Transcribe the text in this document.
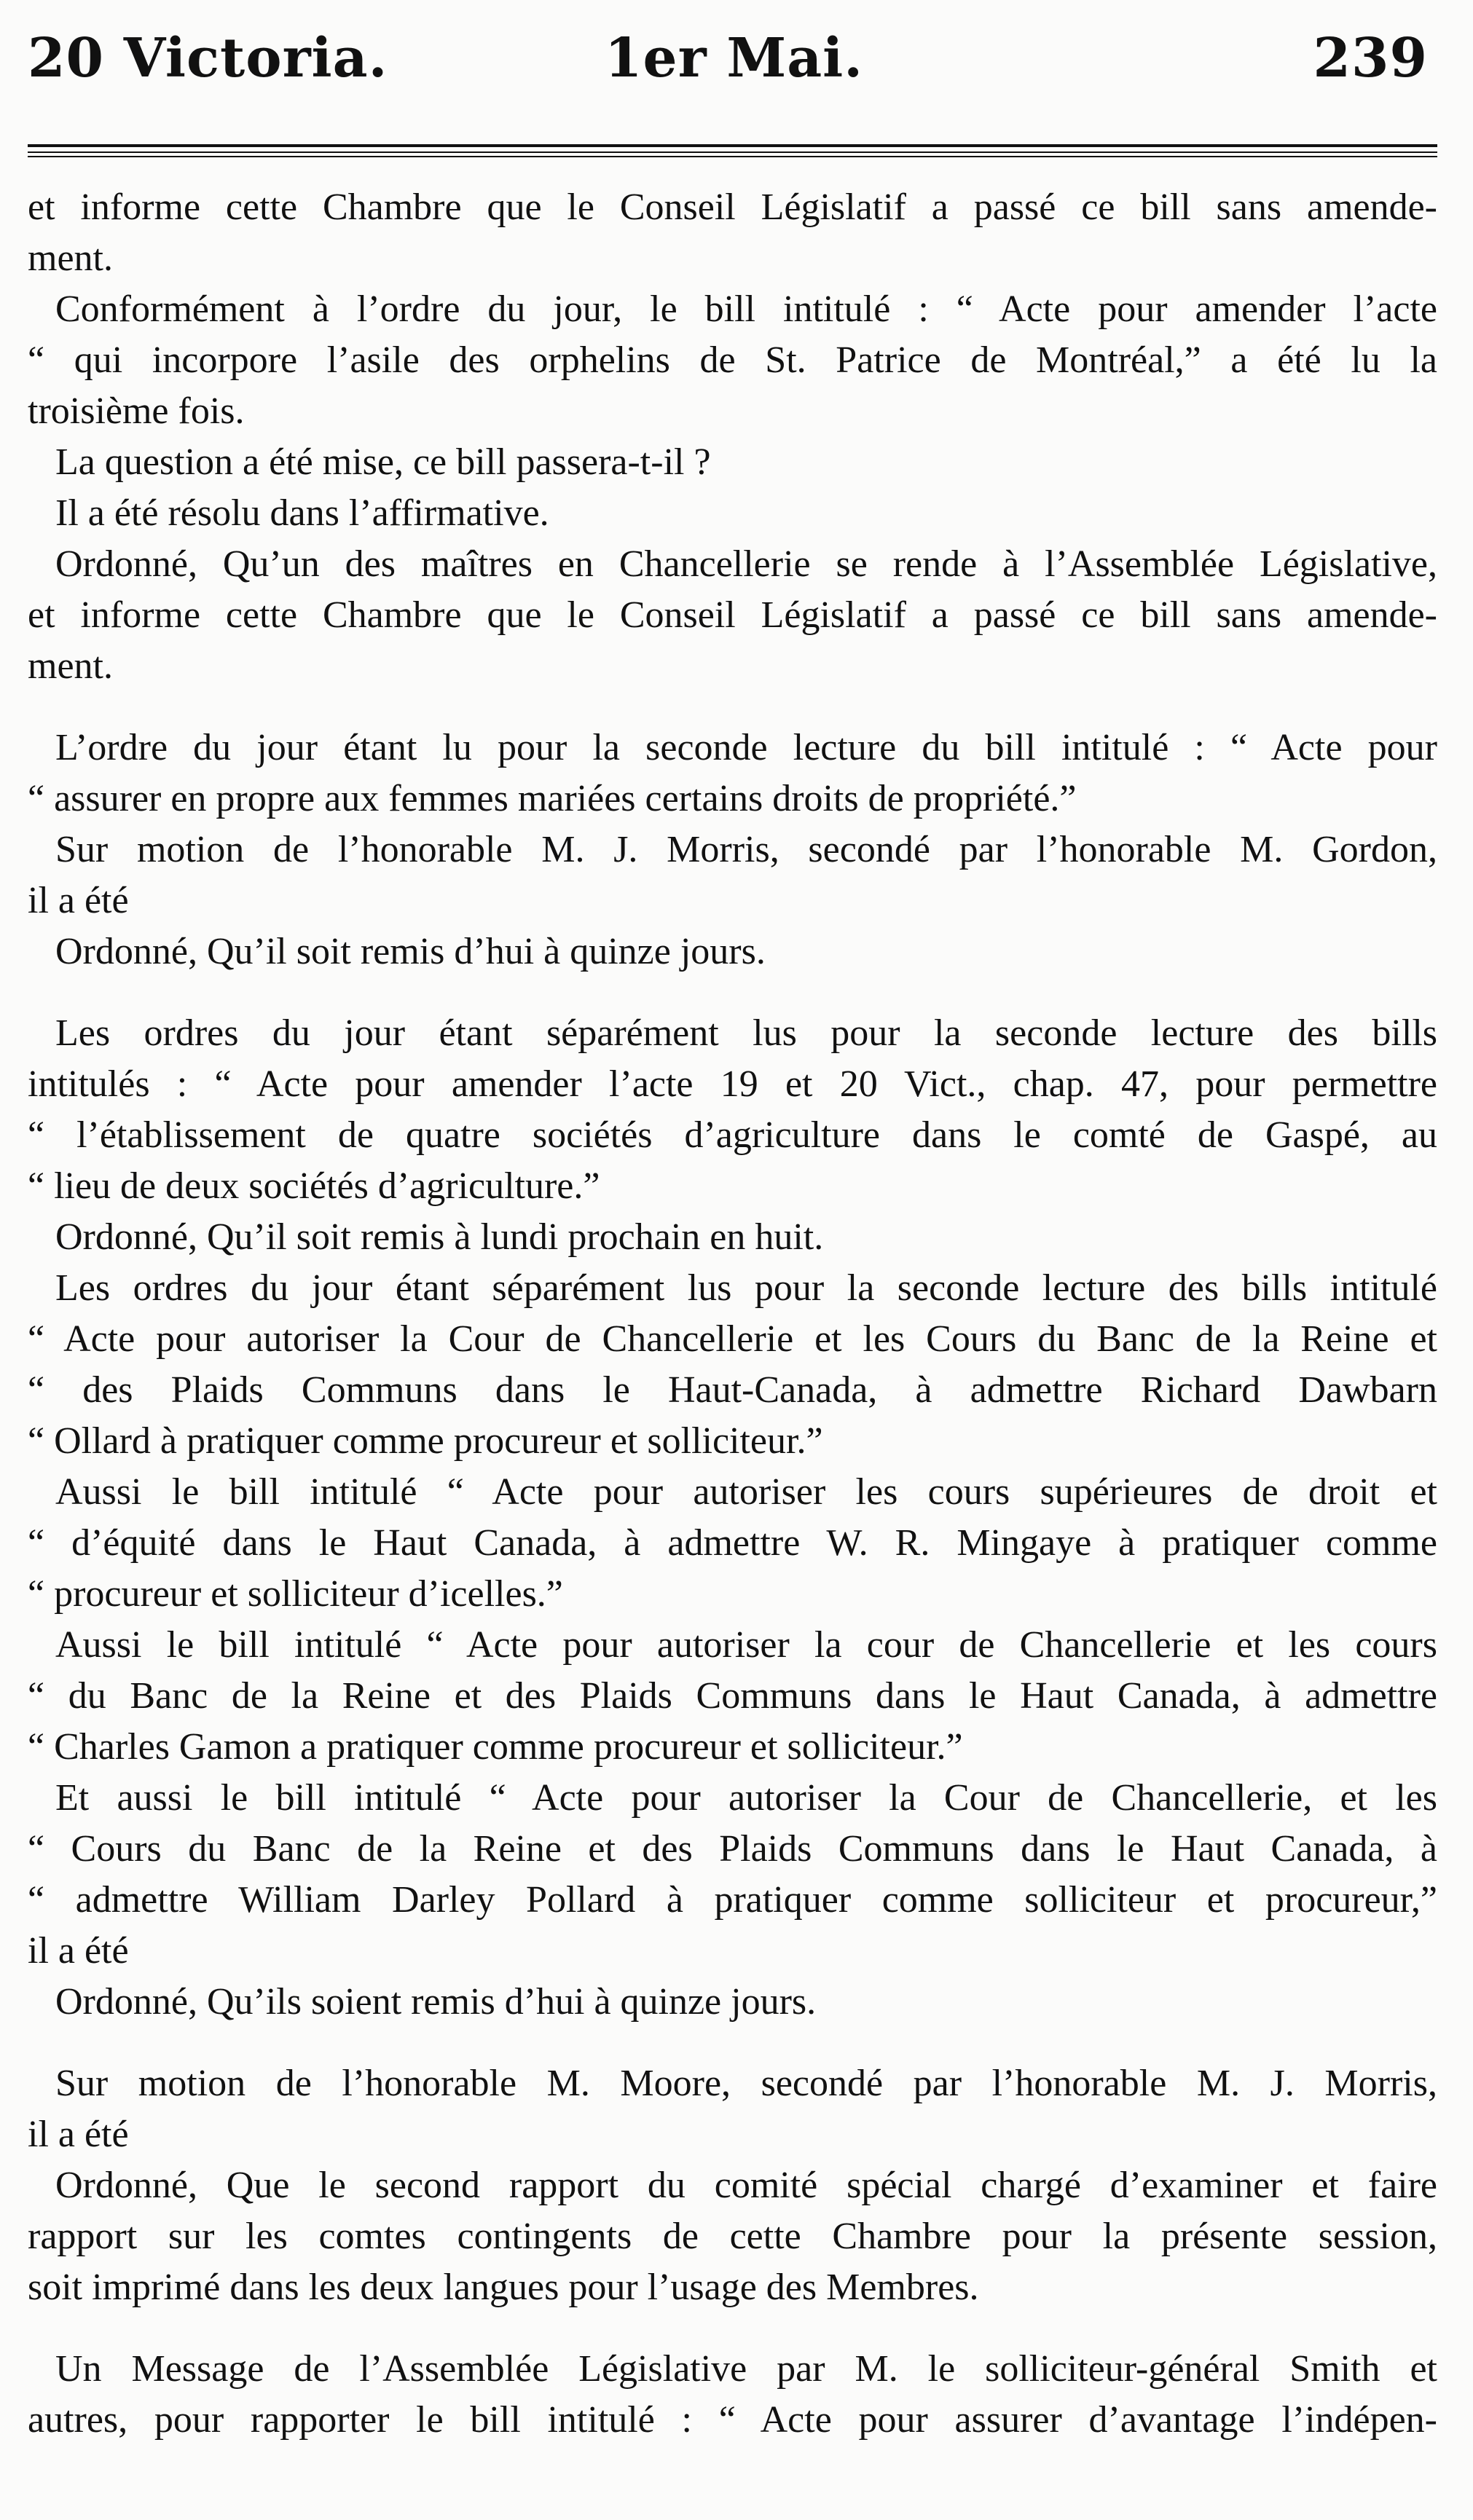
20 Victoria.	1er Mai.	239
et informe cette Chambre que le Conseil Législatif a passé ce bill sans amende-
ment.
Conformément à l’ordre du jour, le bill intitulé : “ Acte pour amender l’acte
“ qui incorpore l’asile des orphelins de St. Patrice de Montréal,” a été lu la
troisième fois.
La question a été mise, ce bill passera-t-il ?
Il a été résolu dans l’affirmative.
Ordonné, Qu’un des maîtres en Chancellerie se rende à l’Assemblée Législative,
et informe cette Chambre que le Conseil Législatif a passé ce bill sans amende-
ment.
L’ordre du jour étant lu pour la seconde lecture du bill intitulé : “ Acte pour
“ assurer en propre aux femmes mariées certains droits de propriété.”
Sur motion de l’honorable M. J. Morris, secondé par l’honorable M. Gordon,
il a été
Ordonné, Qu’il soit remis d’hui à quinze jours.
Les ordres du jour étant séparément lus pour la seconde lecture des bills
intitulés : “ Acte pour amender l’acte 19 et 20 Vict., chap. 47, pour permettre
“ l’établissement de quatre sociétés d’agriculture dans le comté de Gaspé, au
“ lieu de deux sociétés d’agriculture.”
Ordonné, Qu’il soit remis à lundi prochain en huit.
Les ordres du jour étant séparément lus pour la seconde lecture des bills intitulé
“ Acte pour autoriser la Cour de Chancellerie et les Cours du Banc de la Reine et
“ des Plaids Communs dans le Haut-Canada, à admettre Richard Dawbarn
“ Ollard à pratiquer comme procureur et solliciteur.”
Aussi le bill intitulé “ Acte pour autoriser les cours supérieures de droit et
“ d’équité dans le Haut Canada, à admettre W. R. Mingaye à pratiquer comme
“ procureur et solliciteur d’icelles.”
Aussi le bill intitulé “ Acte pour autoriser la cour de Chancellerie et les cours
“ du Banc de la Reine et des Plaids Communs dans le Haut Canada, à admettre
“ Charles Gamon a pratiquer comme procureur et solliciteur.”
Et aussi le bill intitulé “ Acte pour autoriser la Cour de Chancellerie, et les
“ Cours du Banc de la Reine et des Plaids Communs dans le Haut Canada, à
“ admettre William Darley Pollard à pratiquer comme solliciteur et procureur,”
il a été
Ordonné, Qu’ils soient remis d’hui à quinze jours.
Sur motion de l’honorable M. Moore, secondé par l’honorable M. J. Morris,
il a été
Ordonné, Que le second rapport du comité spécial chargé d’examiner et faire
rapport sur les comtes contingents de cette Chambre pour la présente session,
soit imprimé dans les deux langues pour l’usage des Membres.
Un Message de l’Assemblée Législative par M. le solliciteur-général Smith et
autres, pour rapporter le bill intitulé : “ Acte pour assurer d’avantage l’indépen-
